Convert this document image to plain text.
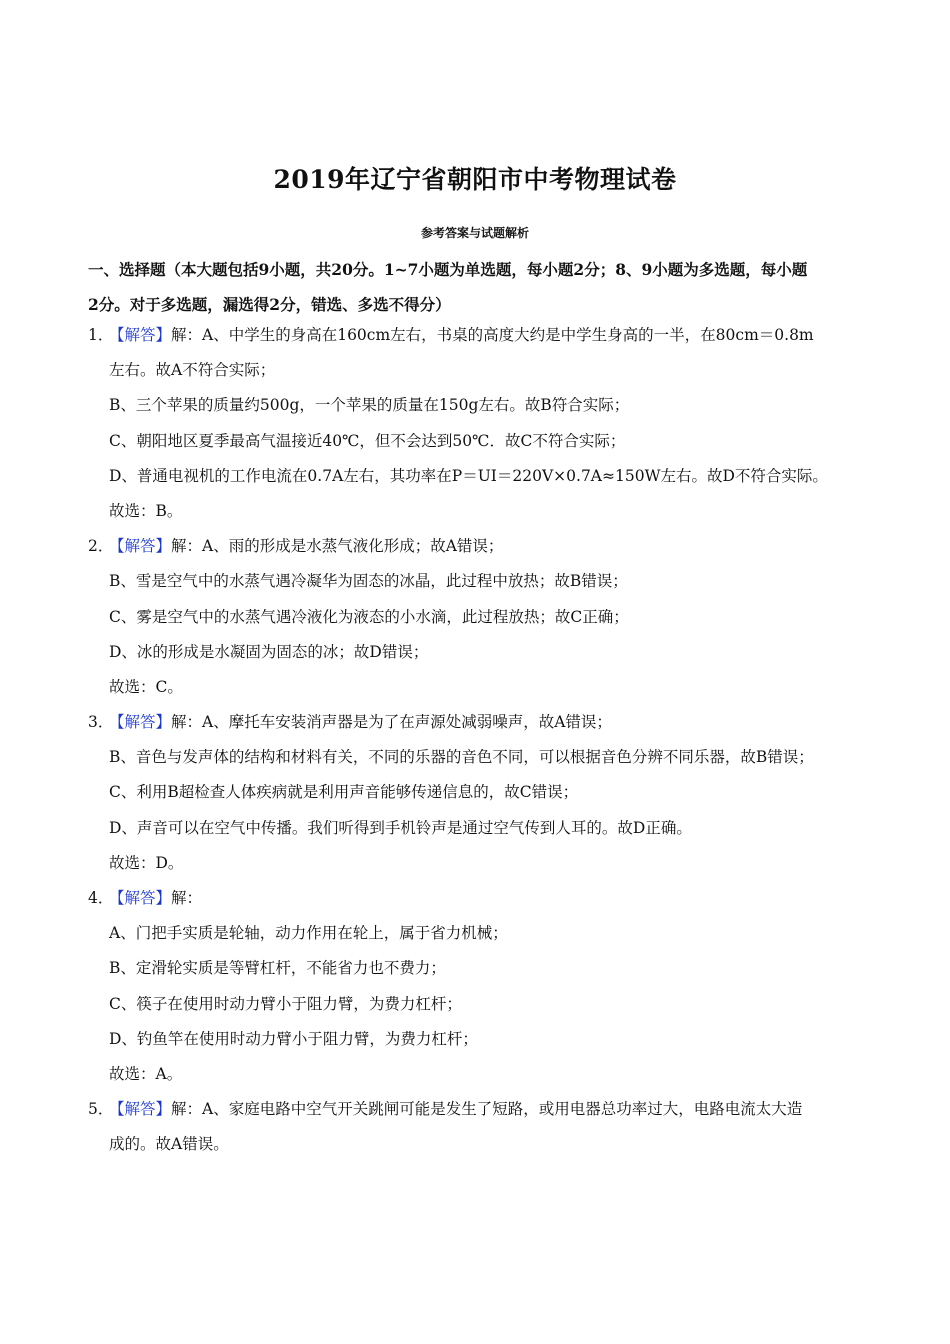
2019年辽宁省朝阳市中考物理试卷
参考答案与试题解析
一、选择题（本大题包括9小题，共20分。1~7小题为单选题，每小题2分；8、9小题为多选题，每小题
2分。对于多选题，漏选得2分，错选、多选不得分）
1．【解答】解：A、中学生的身高在160cm左右，书桌的高度大约是中学生身高的一半，在80cm＝0.8m
左右。故A不符合实际；
B、三个苹果的质量约500g，一个苹果的质量在150g左右。故B符合实际；
C、朝阳地区夏季最高气温接近40℃，但不会达到50℃．故C不符合实际；
D、普通电视机的工作电流在0.7A左右，其功率在P＝UI＝220V×0.7A≈150W左右。故D不符合实际。
故选：B。
2．【解答】解：A、雨的形成是水蒸气液化形成；故A错误；
B、雪是空气中的水蒸气遇冷凝华为固态的冰晶，此过程中放热；故B错误；
C、雾是空气中的水蒸气遇冷液化为液态的小水滴，此过程放热；故C正确；
D、冰的形成是水凝固为固态的冰；故D错误；
故选：C。
3．【解答】解：A、摩托车安装消声器是为了在声源处减弱噪声，故A错误；
B、音色与发声体的结构和材料有关，不同的乐器的音色不同，可以根据音色分辨不同乐器，故B错误；
C、利用B超检查人体疾病就是利用声音能够传递信息的，故C错误；
D、声音可以在空气中传播。我们听得到手机铃声是通过空气传到人耳的。故D正确。
故选：D。
4．【解答】解：
A、门把手实质是轮轴，动力作用在轮上，属于省力机械；
B、定滑轮实质是等臂杠杆，不能省力也不费力；
C、筷子在使用时动力臂小于阻力臂，为费力杠杆；
D、钓鱼竿在使用时动力臂小于阻力臂，为费力杠杆；
故选：A。
5．【解答】解：A、家庭电路中空气开关跳闸可能是发生了短路，或用电器总功率过大，电路电流太大造
成的。故A错误。
